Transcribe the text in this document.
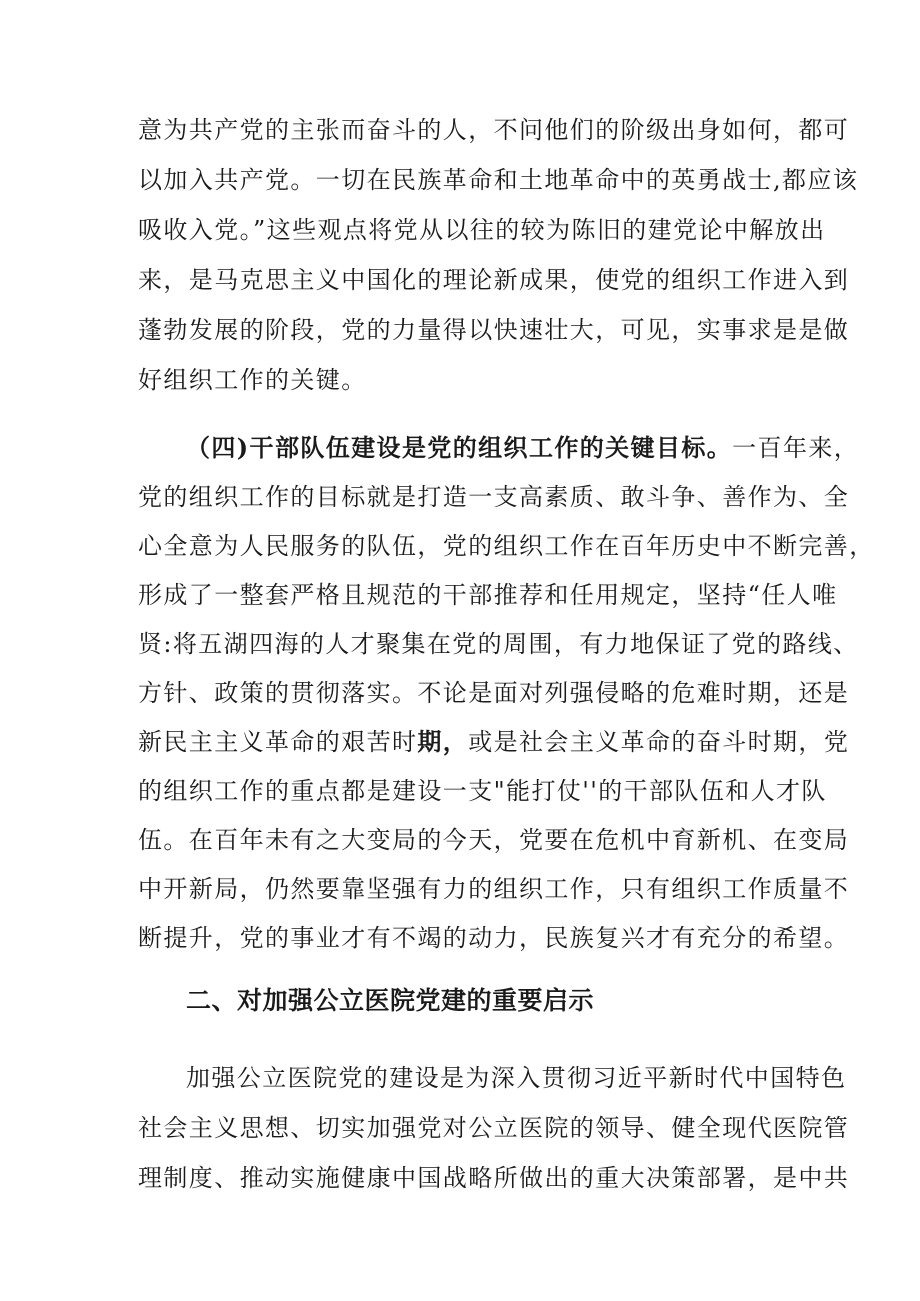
意为共产党的主张而奋斗的人，不问他们的阶级出身如何，都可
以加入共产党。一切在民族革命和土地革命中的英勇战士,都应该
吸收入党。”这些观点将党从以往的较为陈旧的建党论中解放出
来，是马克思主义中国化的理论新成果，使党的组织工作进入到
蓬勃发展的阶段，党的力量得以快速壮大，可见，实事求是是做
好组织工作的关键。
（四)干部队伍建设是党的组织工作的关键目标。一百年来，
党的组织工作的目标就是打造一支高素质、敢斗争、善作为、全
心全意为人民服务的队伍，党的组织工作在百年历史中不断完善，
形成了一整套严格且规范的干部推荐和任用规定，坚持“任人唯
贤:将五湖四海的人才聚集在党的周围，有力地保证了党的路线、
方针、政策的贯彻落实。不论是面对列强侵略的危难时期，还是
新民主主义革命的艰苦时期，或是社会主义革命的奋斗时期，党
的组织工作的重点都是建设一支"能打仗''的干部队伍和人才队
伍。在百年未有之大变局的今天，党要在危机中育新机、在变局
中开新局，仍然要靠坚强有力的组织工作，只有组织工作质量不
二、对加强公立医院党建的重要启示
加强公立医院党的建设是为深入贯彻习近平新时代中国特色
社会主义思想、切实加强党对公立医院的领导、健全现代医院管
理制度、推动实施健康中国战略所做出的重大决策部署，是中共
断提升，党的事业才有不竭的动力，民族复兴才有充分的希望。
